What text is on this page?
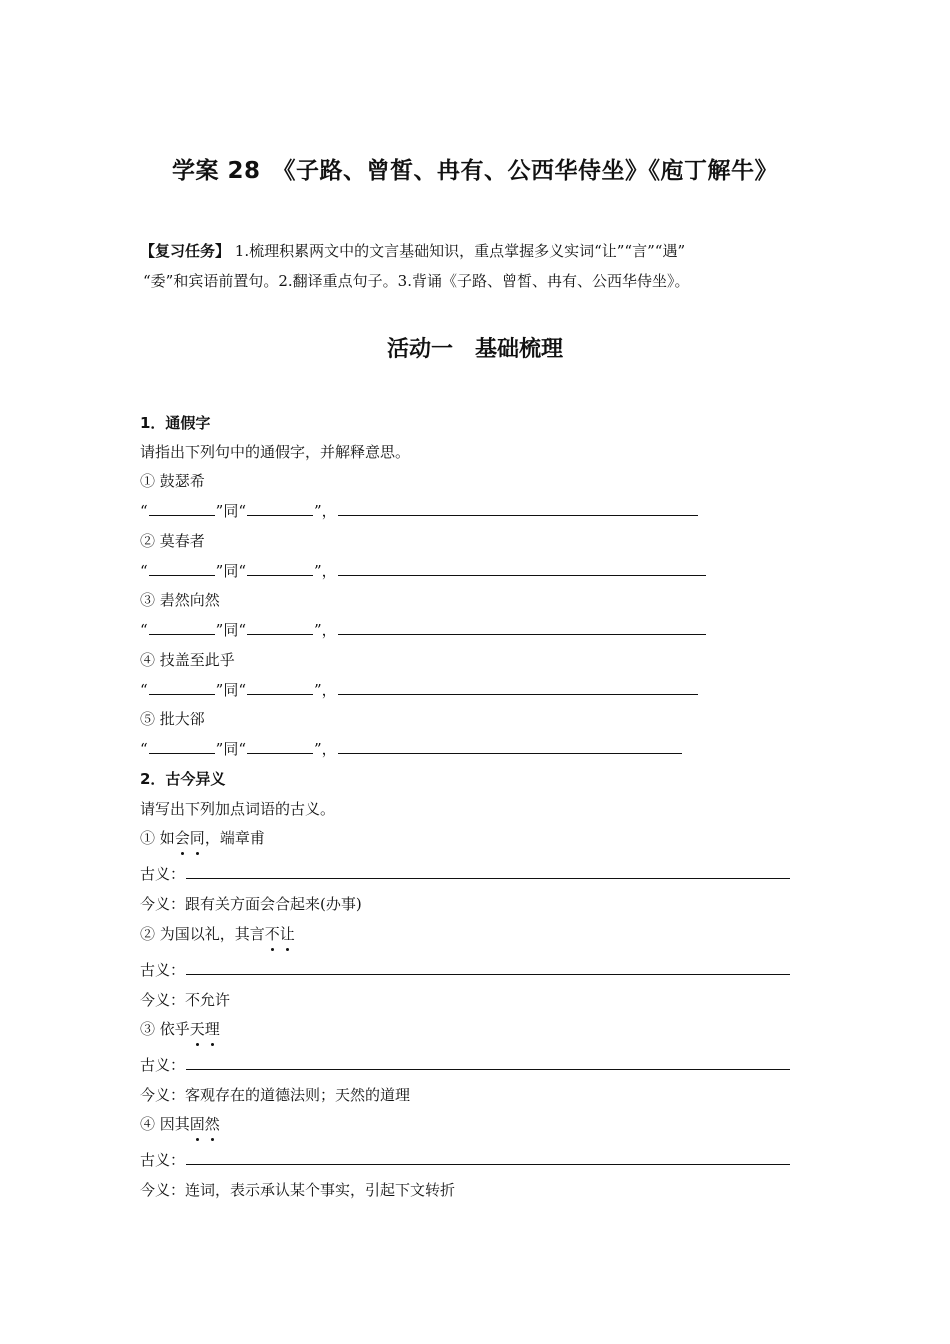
学案 28　《子路、曾皙、冉有、公西华侍坐》《庖丁解牛》
【复习任务】 1.梳理积累两文中的文言基础知识，重点掌握多义实词“让”“言”“遇”
“委”和宾语前置句。2.翻译重点句子。3.背诵《子路、曾皙、冉有、公西华侍坐》。
活动一　基础梳理
1．通假字
请指出下列句中的通假字，并解释意思。
① 鼓瑟希
“	”同“	”，
② 莫春者
“	”同“	”，
③ 砉然向然
“	”同“	”，
④ 技盖至此乎
“	”同“	”，
⑤ 批大郤
“	”同“	”，
2．古今异义
请写出下列加点词语的古义。
① 如会同，端章甫
古义：
今义：跟有关方面会合起来(办事)
② 为国以礼，其言不让
古义：
今义：不允许
③ 依乎天理
古义：
今义：客观存在的道德法则；天然的道理
④ 因其固然
古义：
今义：连词，表示承认某个事实，引起下文转折
